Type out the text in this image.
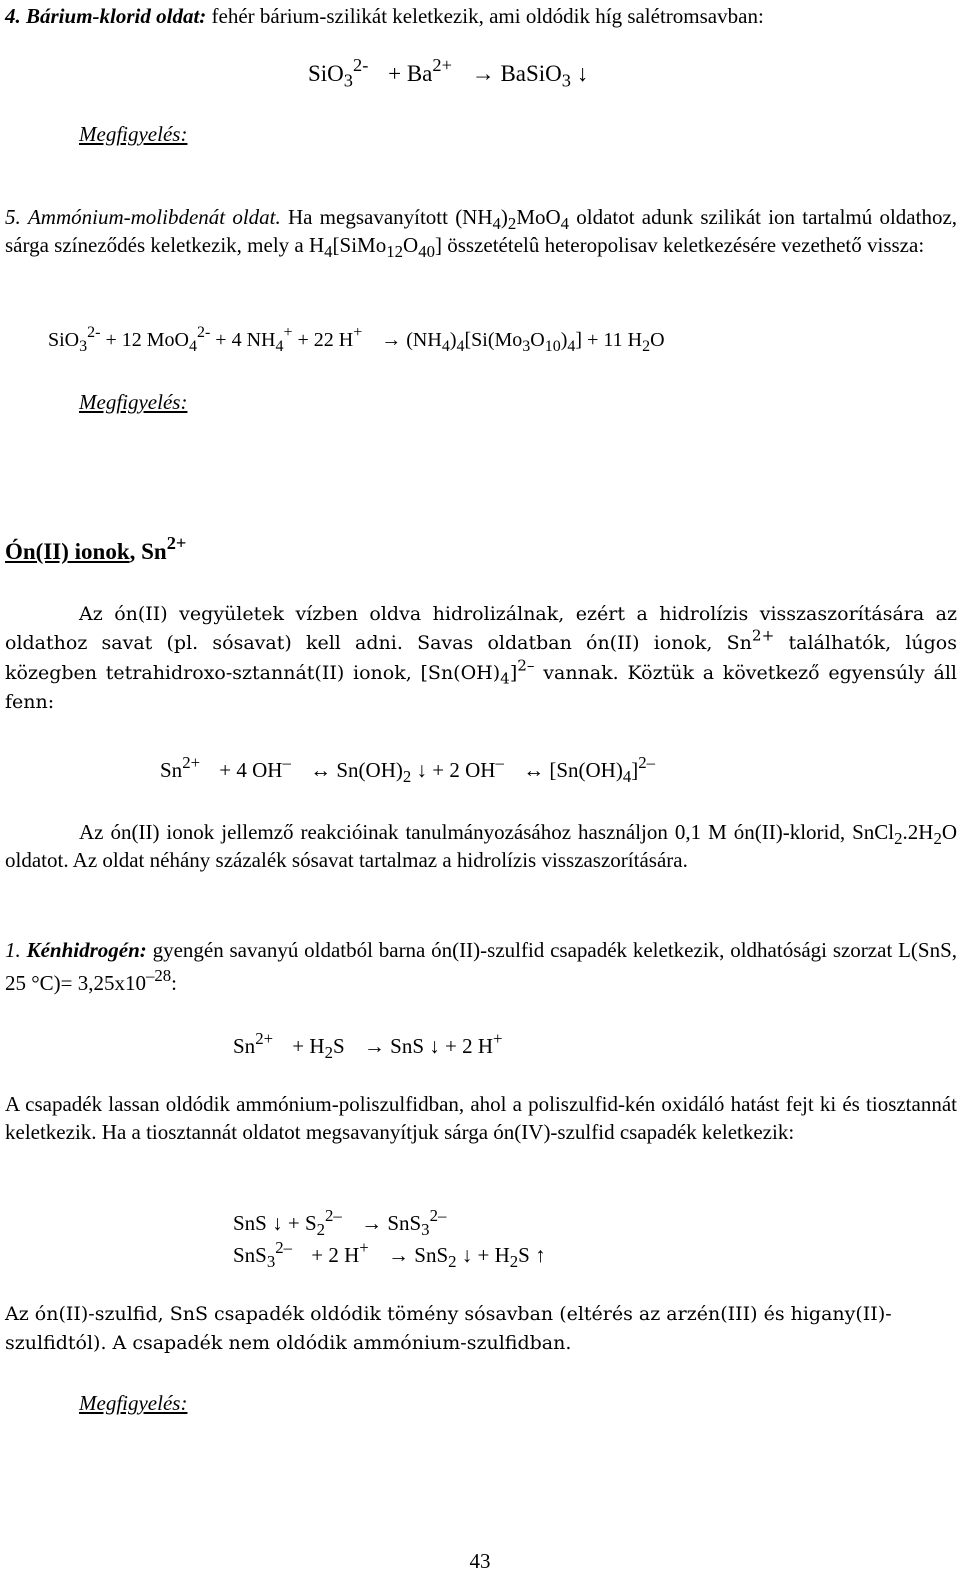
4. Bárium-klorid oldat: fehér bárium-szilikát keletkezik, ami oldódik híg salétromsavban:
$SiO_3^{2-} + Ba^{2+}$ → BaSiO$_3$ ↓
Megfigyelés:

5. Ammónium-molibdenát oldat. Ha megsavanyított $(NH_4)_2MoO_4$ oldatot adunk szilikát ion tartalmú oldathoz, sárga színeződés keletkezik, mely a $H_4[SiMo_{12}O_{40}]$ összetételû heteropolisav keletkezésére vezethető vissza:

SiO$_3^{2-}$ + 12 MoO$_4^{2-}$ + 4 $NH_4^+ + 22$ $H^+ \to (NH_4)_4[Si(Mo_3O_{10})_4] + 11$ $H_2O$
Megfigyelés:
Ón(II) ionok, $Sn^{2+}$

Az ón(II) vegyületek vízben oldva hidrolizálnak, ezért a hidrolízis visszaszorítására az oldathoz savat (pl. sósavat) kell adni. Savas oldatban ón(II) ionok, $Sn^{2+}$ találhatók, lúgos közegben tetrahidroxo-sztannát(II) ionok, $[Sn(OH)_4]^{2-}$ vannak. Köztük a következő egyensúly áll fenn:

$Sn^{2+} + 4$ OH– ↔ $Sn(OH)_2$ ↓ + 2 OH– ↔ $[Sn(OH)_4]^{2-}$

Az ón(II) ionok jellemző reakcióinak tanulmányozásához használjon 0,1 M ón(II)-klorid, $SnCl_2.2H_2O$ oldatot. Az oldat néhány százalék sósavat tartalmaz a hidrolízis visszaszorítására.

1. Kénhidrogén: gyengén savanyú oldatból barna ón(II)-szulfid csapadék keletkezik, oldhatósági szorzat L(SnS, 25 $^\circ C)= 3,25x10^{-28}$:

$Sn^{2+} + H_2S$ → SnS ↓ + 2 H+

A csapadék lassan oldódik ammónium-poliszulfidban, ahol a poliszulfid-kén oxidáló hatást fejt ki és tiosztannát keletkezik. Ha a tiosztannát oldatot megsavanyítjuk sárga ón(IV)-szulfid csapadék keletkezik:

SnS ↓ + $S_2^{2-} \to SnS_3^{2-}$
SnS$_3^{2-}$ + 2 H+ → SnS$_2$ ↓ + $H_2S$ ↑

Az ón(II)-szulfid, SnS csapadék oldódik tömény sósavban (eltérés az arzén(III) és higany(II)-szulfidtól). A csapadék nem oldódik ammónium-szulfidban.

Megfigyelés:
43
